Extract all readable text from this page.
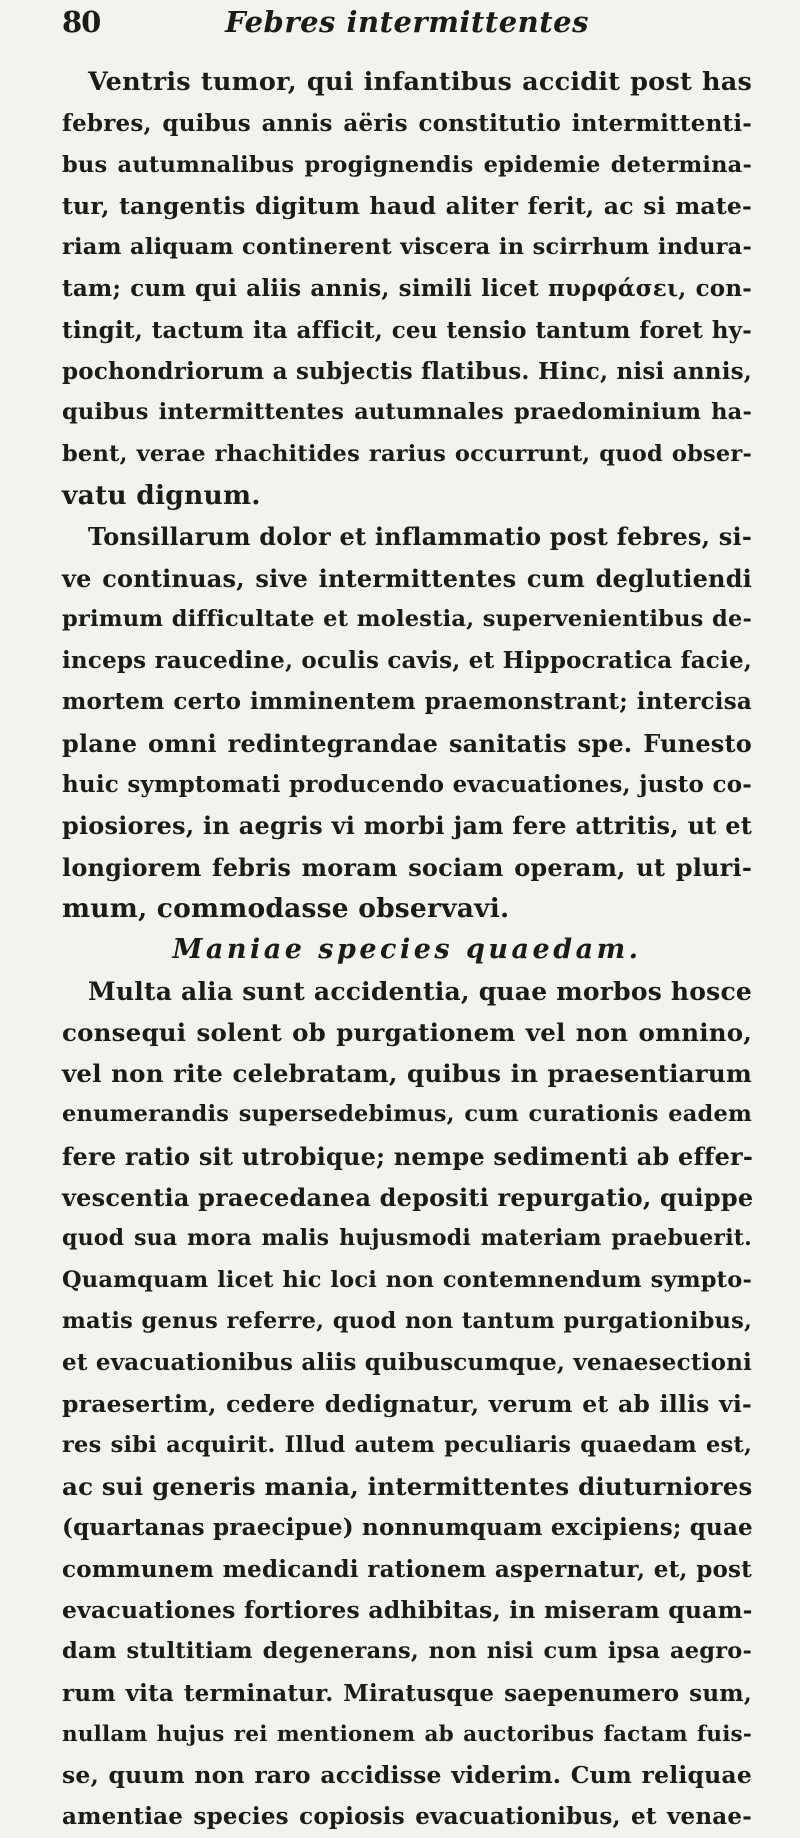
80	Febres intermittentes
Ventris tumor, qui infantibus accidit post has
febres, quibus annis aëris constitutio intermittenti-
bus autumnalibus progignendis epidemie determina-
tur, tangentis digitum haud aliter ferit, ac si mate-
riam aliquam continerent viscera in scirrhum indura-
tam; cum qui aliis annis, simili licet πυρφάσει, con-
tingit, tactum ita afficit, ceu tensio tantum foret hy-
pochondriorum a subjectis flatibus. Hinc, nisi annis,
quibus intermittentes autumnales praedominium ha-
bent, verae rhachitides rarius occurrunt, quod obser-
vatu dignum.
Tonsillarum dolor et inflammatio post febres, si-
ve continuas, sive intermittentes cum deglutiendi
primum difficultate et molestia, supervenientibus de-
inceps raucedine, oculis cavis, et Hippocratica facie,
mortem certo imminentem praemonstrant; intercisa
plane omni redintegrandae sanitatis spe. Funesto
huic symptomati producendo evacuationes, justo co-
piosiores, in aegris vi morbi jam fere attritis, ut et
longiorem febris moram sociam operam, ut pluri-
mum, commodasse observavi.
Maniae species quaedam.
Multa alia sunt accidentia, quae morbos hosce
consequi solent ob purgationem vel non omnino,
vel non rite celebratam, quibus in praesentiarum
enumerandis supersedebimus, cum curationis eadem
fere ratio sit utrobique; nempe sedimenti ab effer-
vescentia praecedanea depositi repurgatio, quippe
quod sua mora malis hujusmodi materiam praebuerit.
Quamquam licet hic loci non contemnendum sympto-
matis genus referre, quod non tantum purgationibus,
et evacuationibus aliis quibuscumque, venaesectioni
praesertim, cedere dedignatur, verum et ab illis vi-
res sibi acquirit. Illud autem peculiaris quaedam est,
ac sui generis mania, intermittentes diuturniores
(quartanas praecipue) nonnumquam excipiens; quae
communem medicandi rationem aspernatur, et, post
evacuationes fortiores adhibitas, in miseram quam-
dam stultitiam degenerans, non nisi cum ipsa aegro-
rum vita terminatur. Miratusque saepenumero sum,
nullam hujus rei mentionem ab auctoribus factam fuis-
se, quum non raro accidisse viderim. Cum reliquae
amentiae species copiosis evacuationibus, et venae-
